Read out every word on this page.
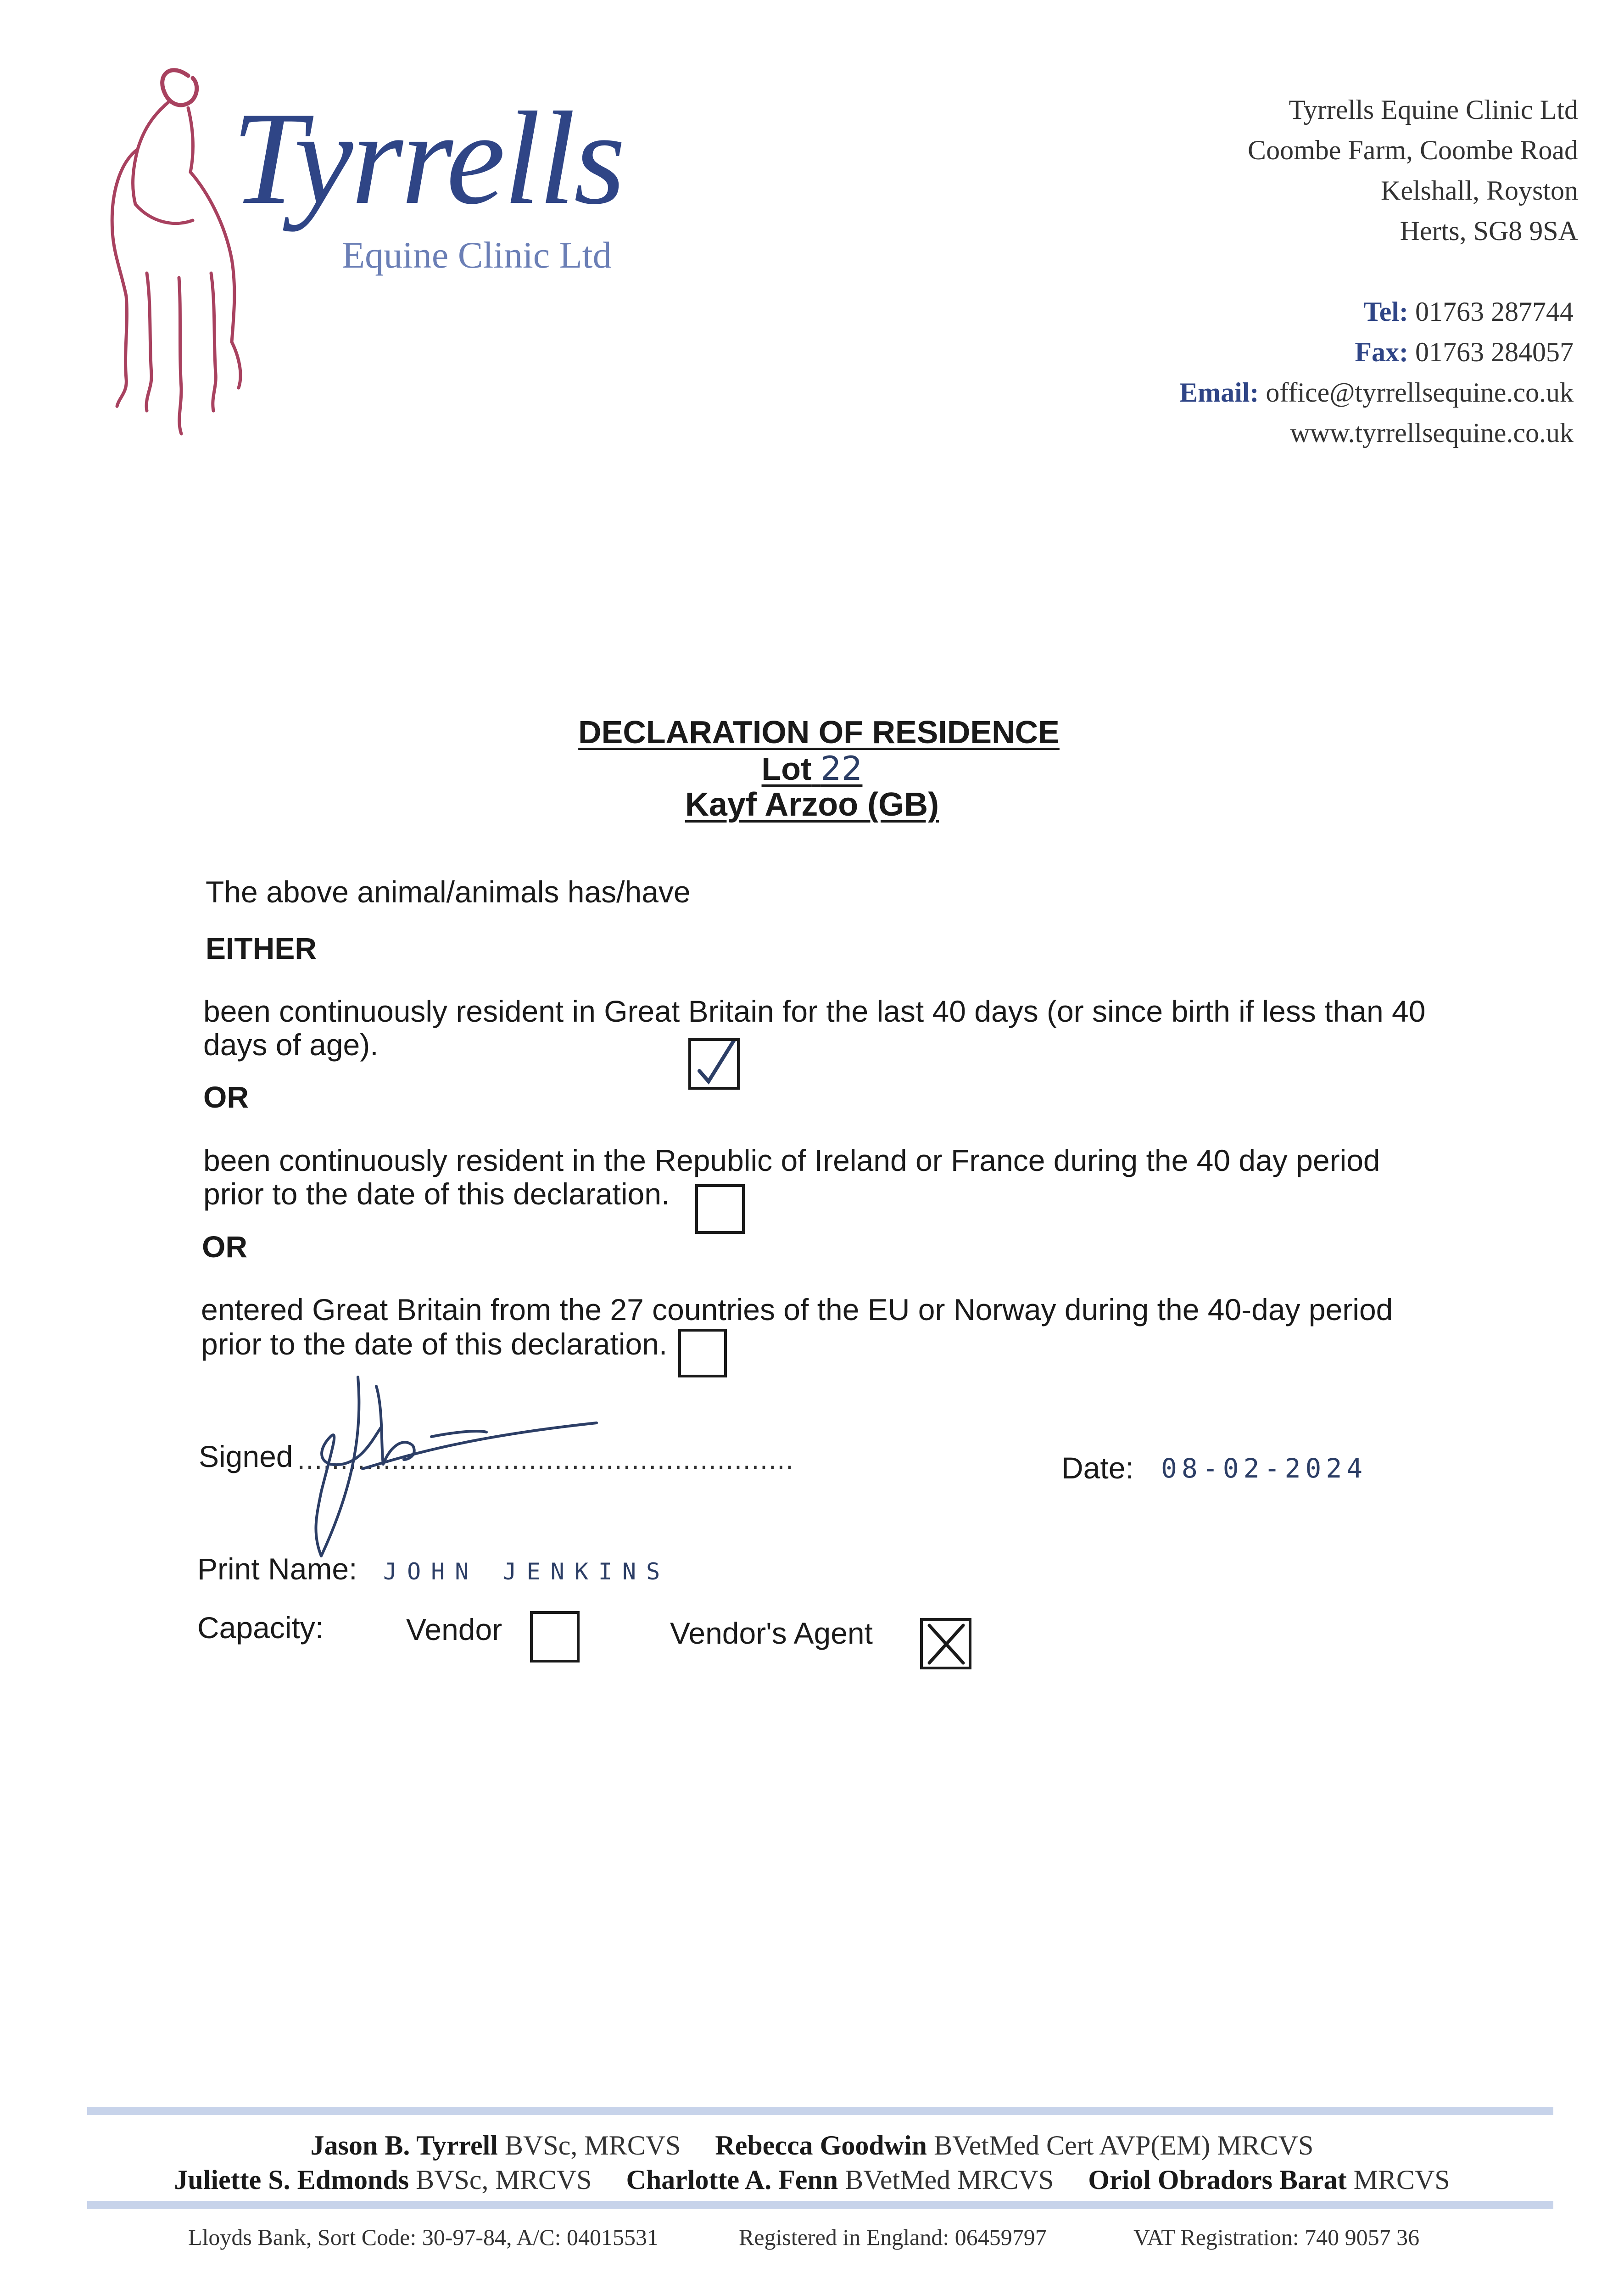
Tyrrells
Equine Clinic Ltd
Tyrrells Equine Clinic Ltd
Coombe Farm, Coombe Road
Kelshall, Royston
Herts, SG8 9SA
Tel: 01763 287744
Fax: 01763 284057
Email: office@tyrrellsequine.co.uk
www.tyrrellsequine.co.uk
DECLARATION OF RESIDENCE
Lot 22
Kayf Arzoo (GB)
The above animal/animals has/have
EITHER
been continuously resident in Great Britain for the last 40 days (or since birth if less than 40
days of age).
OR
been continuously resident in the Republic of Ireland or France during the 40 day period
prior to the date of this declaration.
OR
entered Great Britain from the 27 countries of the EU or Norway during the 40-day period
prior to the date of this declaration.
Signed ..........................................................	Date: 08-02-2024
Print Name: JOHN JENKINS
Capacity:	Vendor	Vendor's Agent
Jason B. Tyrrell BVSc, MRCVS Rebecca Goodwin BVetMed Cert AVP(EM) MRCVS
Juliette S. Edmonds BVSc, MRCVS Charlotte A. Fenn BVetMed MRCVS Oriol Obradors Barat MRCVS
Lloyds Bank, Sort Code: 30-97-84, A/C: 04015531	Registered in England: 06459797	VAT Registration: 740 9057 36
